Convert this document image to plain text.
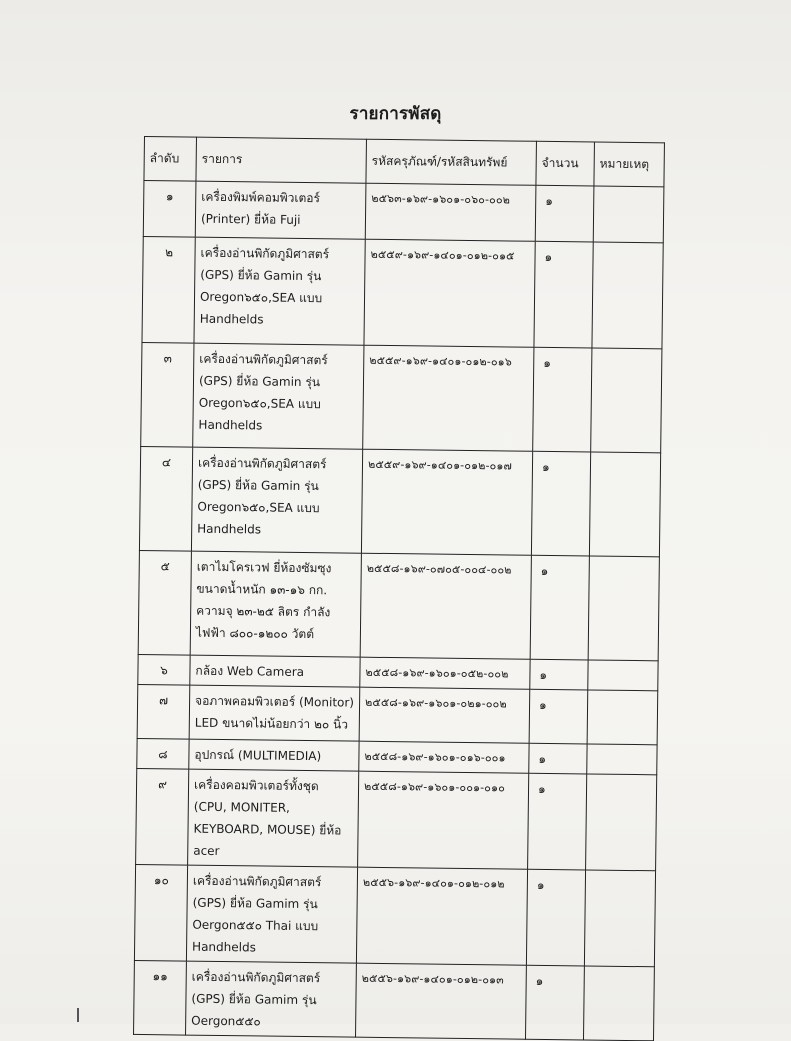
รายการพัสดุ
ลำดับ	รายการ	รหัสครุภัณฑ์/รหัสสินทรัพย์	จำนวน	หมายเหตุ
๑	เครื่องพิมพ์คอมพิวเตอร์ (Printer) ยี่ห้อ Fuji	๒๕๖๓-๑๖๙-๑๖๐๑-๐๖๐-๐๐๒	๑	
๒	เครื่องอ่านพิกัดภูมิศาสตร์ (GPS) ยี่ห้อ Gamin รุ่น Oregon๖๕๐,SEA แบบ Handhelds	๒๕๕๙-๑๖๙-๑๔๐๑-๐๑๒-๐๑๕	๑	
๓	เครื่องอ่านพิกัดภูมิศาสตร์ (GPS) ยี่ห้อ Gamin รุ่น Oregon๖๕๐,SEA แบบ Handhelds	๒๕๕๙-๑๖๙-๑๔๐๑-๐๑๒-๐๑๖	๑	
๔	เครื่องอ่านพิกัดภูมิศาสตร์ (GPS) ยี่ห้อ Gamin รุ่น Oregon๖๕๐,SEA แบบ Handhelds	๒๕๕๙-๑๖๙-๑๔๐๑-๐๑๒-๐๑๗	๑	
๕	เตาไมโครเวฟ ยี่ห้องซัมซุง ขนาดน้ำหนัก ๑๓-๑๖ กก. ความจุ ๒๓-๒๕ ลิตร กำลังไฟฟ้า ๘๐๐-๑๒๐๐ วัตต์	๒๕๕๘-๑๖๙-๐๗๐๕-๐๐๔-๐๐๒	๑	
๖	กล้อง Web Camera	๒๕๕๘-๑๖๙-๑๖๐๑-๐๕๒-๐๐๒	๑	
๗	จอภาพคอมพิวเตอร์ (Monitor) LED ขนาดไม่น้อยกว่า ๒๐ นิ้ว	๒๕๕๘-๑๖๙-๑๖๐๑-๐๒๑-๐๐๒	๑	
๘	อุปกรณ์ (MULTIMEDIA)	๒๕๕๘-๑๖๙-๑๖๐๑-๐๑๖-๐๐๑	๑	
๙	เครื่องคอมพิวเตอร์ทั้งชุด (CPU, MONITER, KEYBOARD, MOUSE) ยี่ห้อ acer	๒๕๕๘-๑๖๙-๑๖๐๑-๐๐๑-๐๑๐	๑	
๑๐	เครื่องอ่านพิกัดภูมิศาสตร์ (GPS) ยี่ห้อ Gamim รุ่น Oergon๕๕๐ Thai แบบ Handhelds	๒๕๕๖-๑๖๙-๑๔๐๑-๐๑๒-๐๑๒	๑	
๑๑	เครื่องอ่านพิกัดภูมิศาสตร์ (GPS) ยี่ห้อ Gamim รุ่น Oergon๕๕๐	๒๕๕๖-๑๖๙-๑๔๐๑-๐๑๒-๐๑๓	๑	
